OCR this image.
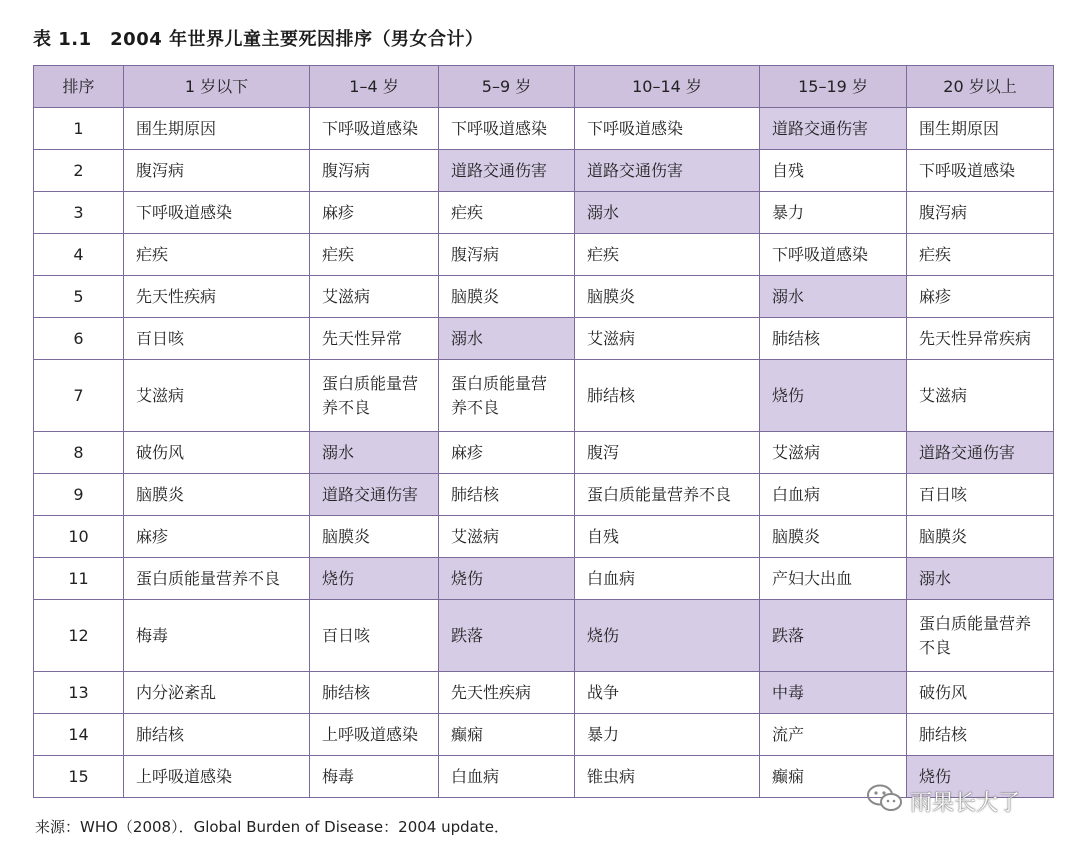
表 1.1　2004 年世界儿童主要死因排序（男女合计）
排序	1 岁以下	1–4 岁	5–9 岁	10–14 岁	15–19 岁	20 岁以上
1	围生期原因	下呼吸道感染	下呼吸道感染	下呼吸道感染	道路交通伤害	围生期原因
2	腹泻病	腹泻病	道路交通伤害	道路交通伤害	自残	下呼吸道感染
3	下呼吸道感染	麻疹	疟疾	溺水	暴力	腹泻病
4	疟疾	疟疾	腹泻病	疟疾	下呼吸道感染	疟疾
5	先天性疾病	艾滋病	脑膜炎	脑膜炎	溺水	麻疹
6	百日咳	先天性异常	溺水	艾滋病	肺结核	先天性异常疾病
7	艾滋病	蛋白质能量营养不良	蛋白质能量营养不良	肺结核	烧伤	艾滋病
8	破伤风	溺水	麻疹	腹泻	艾滋病	道路交通伤害
9	脑膜炎	道路交通伤害	肺结核	蛋白质能量营养不良	白血病	百日咳
10	麻疹	脑膜炎	艾滋病	自残	脑膜炎	脑膜炎
11	蛋白质能量营养不良	烧伤	烧伤	白血病	产妇大出血	溺水
12	梅毒	百日咳	跌落	烧伤	跌落	蛋白质能量营养不良
13	内分泌紊乱	肺结核	先天性疾病	战争	中毒	破伤风
14	肺结核	上呼吸道感染	癫痫	暴力	流产	肺结核
15	上呼吸道感染	梅毒	白血病	锥虫病	癫痫	烧伤
来源：WHO（2008）．Global Burden of Disease：2004 update．
雨果长大了
